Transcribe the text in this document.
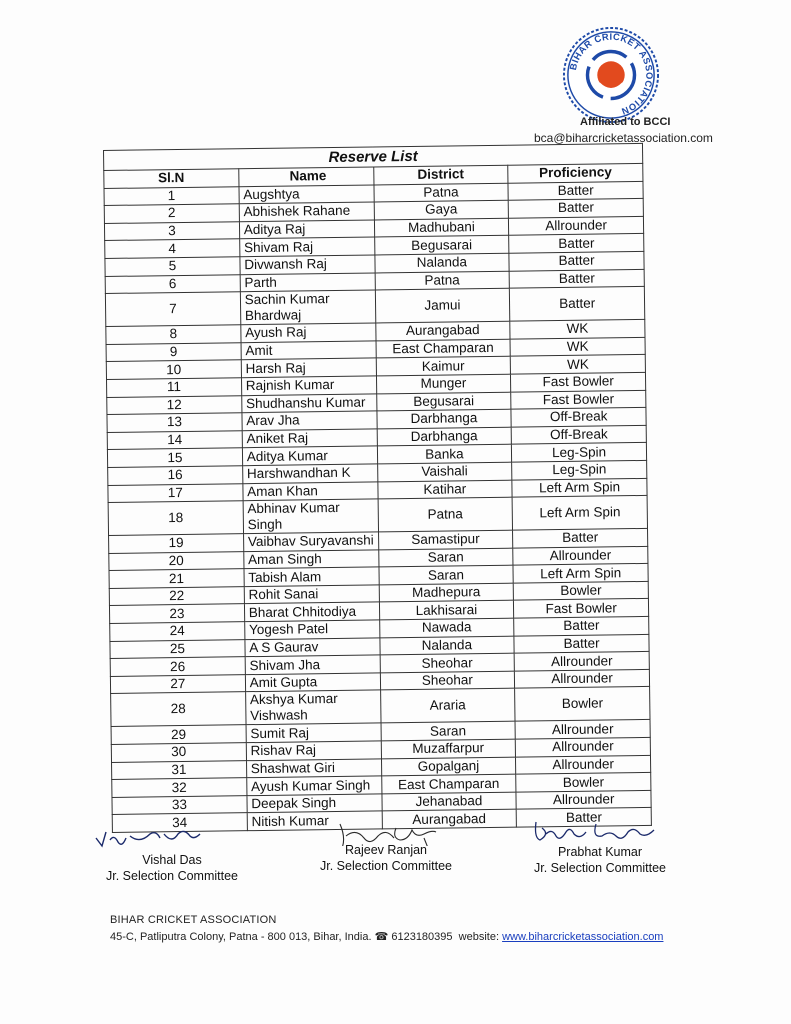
BIHAR CRICKET ASSOCIATION
Affiliated to BCCI
bca@biharcricketassociation.com
Reserve List			
Sl.N	Name	District	Proficiency
1	Augshtya	Patna	Batter
2	Abhishek Rahane	Gaya	Batter
3	Aditya Raj	Madhubani	Allrounder
4	Shivam Raj	Begusarai	Batter
5	Divwansh Raj	Nalanda	Batter
6	Parth	Patna	Batter
7	Sachin Kumar Bhardwaj	Jamui	Batter
8	Ayush Raj	Aurangabad	WK
9	Amit	East Champaran	WK
10	Harsh Raj	Kaimur	WK
11	Rajnish Kumar	Munger	Fast Bowler
12	Shudhanshu Kumar	Begusarai	Fast Bowler
13	Arav Jha	Darbhanga	Off-Break
14	Aniket Raj	Darbhanga	Off-Break
15	Aditya Kumar	Banka	Leg-Spin
16	Harshwandhan K	Vaishali	Leg-Spin
17	Aman Khan	Katihar	Left Arm Spin
18	Abhinav Kumar Singh	Patna	Left Arm Spin
19	Vaibhav Suryavanshi	Samastipur	Batter
20	Aman Singh	Saran	Allrounder
21	Tabish Alam	Saran	Left Arm Spin
22	Rohit Sanai	Madhepura	Bowler
23	Bharat Chhitodiya	Lakhisarai	Fast Bowler
24	Yogesh Patel	Nawada	Batter
25	A S Gaurav	Nalanda	Batter
26	Shivam Jha	Sheohar	Allrounder
27	Amit Gupta	Sheohar	Allrounder
28	Akshya Kumar Vishwash	Araria	Bowler
29	Sumit Raj	Saran	Allrounder
30	Rishav Raj	Muzaffarpur	Allrounder
31	Shashwat Giri	Gopalganj	Allrounder
32	Ayush Kumar Singh	East Champaran	Bowler
33	Deepak Singh	Jehanabad	Allrounder
34	Nitish Kumar	Aurangabad	Batter
Vishal Das
Jr. Selection Committee
Rajeev Ranjan
Jr. Selection Committee
Prabhat Kumar
Jr. Selection Committee
BIHAR CRICKET ASSOCIATION
45-C, Patliputra Colony, Patna - 800 013, Bihar, India. ☎ 6123180395 website: www.biharcricketassociation.com
